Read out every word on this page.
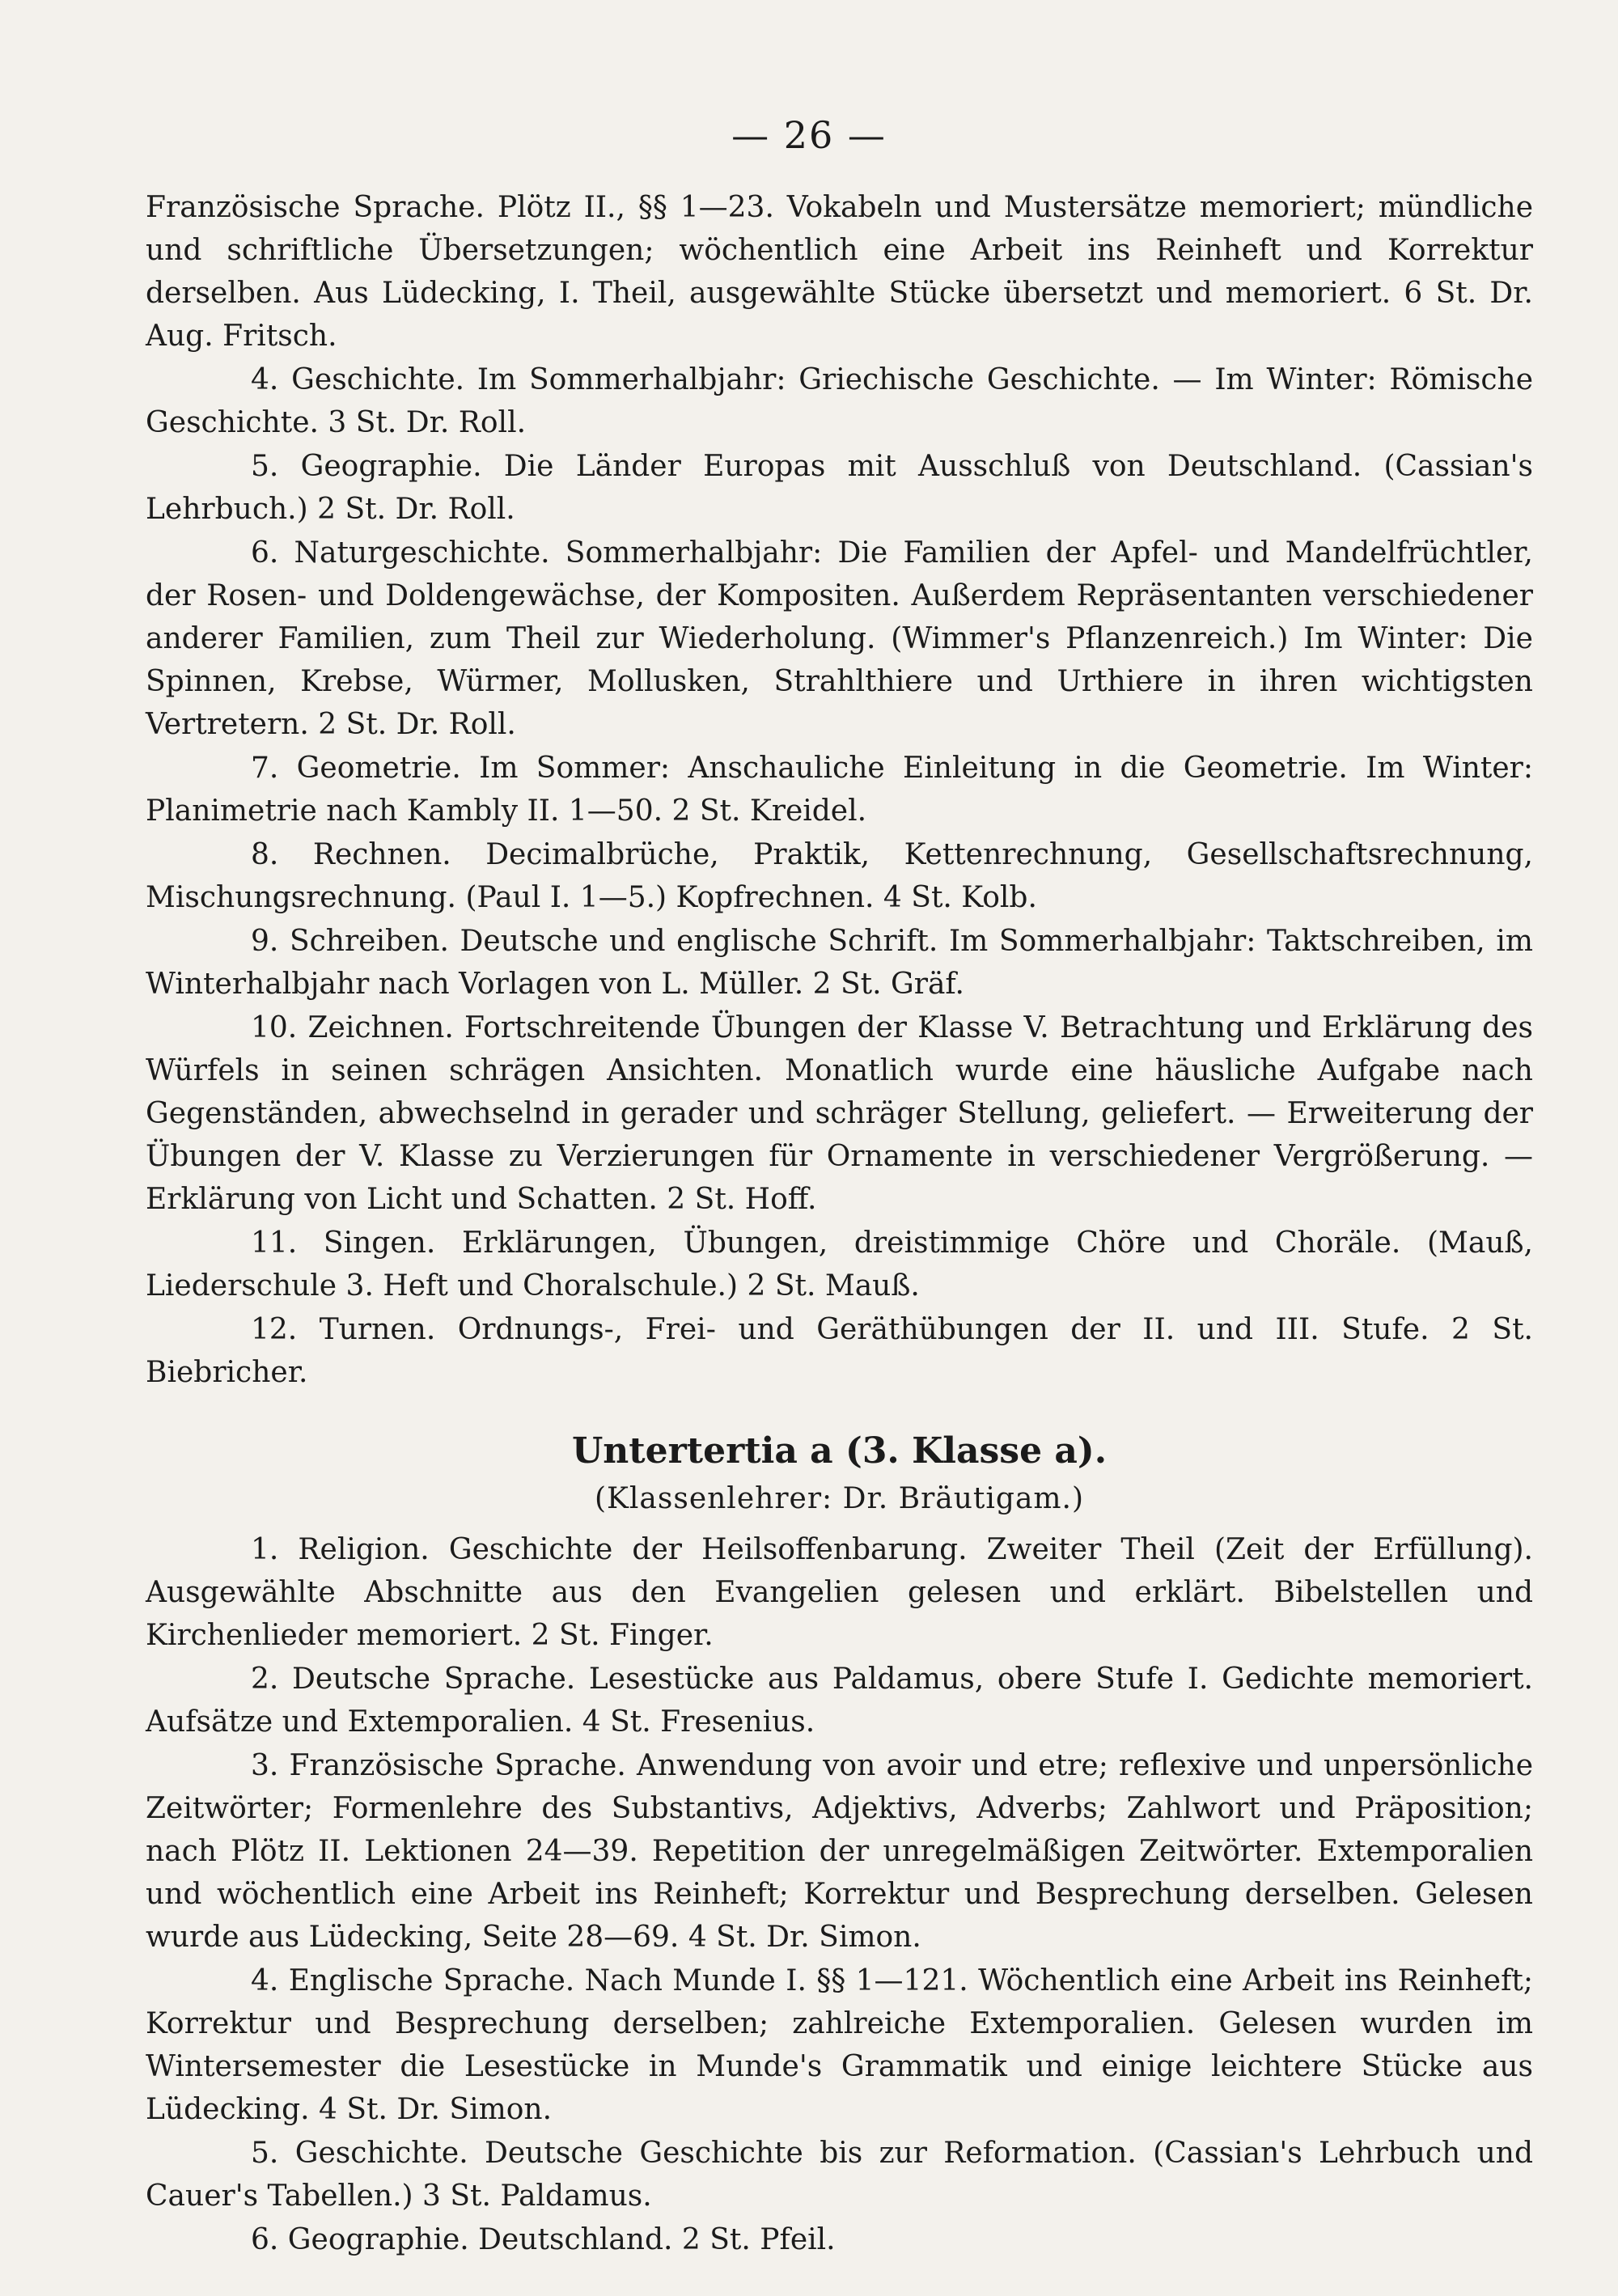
— 26 —

Französische Sprache. Plötz II., §§ 1—23. Vokabeln und Mustersätze memoriert; mündliche und schriftliche Übersetzungen; wöchentlich eine Arbeit ins Reinheft und Korrektur derselben. Aus Lüdecking, I. Theil, ausgewählte Stücke übersetzt und memoriert. 6 St. Dr. Aug. Fritsch.

4. Geschichte. Im Sommerhalbjahr: Griechische Geschichte. — Im Winter: Römische Geschichte. 3 St. Dr. Roll.

5. Geographie. Die Länder Europas mit Ausschluß von Deutschland. (Cassian's Lehrbuch.) 2 St. Dr. Roll.

6. Naturgeschichte. Sommerhalbjahr: Die Familien der Apfel- und Mandelfrüchtler, der Rosen- und Doldengewächse, der Kompositen. Außerdem Repräsentanten verschiedener anderer Familien, zum Theil zur Wiederholung. (Wimmer's Pflanzenreich.) Im Winter: Die Spinnen, Krebse, Würmer, Mollusken, Strahlthiere und Urthiere in ihren wichtigsten Vertretern. 2 St. Dr. Roll.

7. Geometrie. Im Sommer: Anschauliche Einleitung in die Geometrie. Im Winter: Planimetrie nach Kambly II. 1—50. 2 St. Kreidel.

8. Rechnen. Decimalbrüche, Praktik, Kettenrechnung, Gesellschaftsrechnung, Mischungsrechnung. (Paul I. 1—5.) Kopfrechnen. 4 St. Kolb.

9. Schreiben. Deutsche und englische Schrift. Im Sommerhalbjahr: Taktschreiben, im Winterhalbjahr nach Vorlagen von L. Müller. 2 St. Gräf.

10. Zeichnen. Fortschreitende Übungen der Klasse V. Betrachtung und Erklärung des Würfels in seinen schrägen Ansichten. Monatlich wurde eine häusliche Aufgabe nach Gegenständen, abwechselnd in gerader und schräger Stellung, geliefert. — Erweiterung der Übungen der V. Klasse zu Verzierungen für Ornamente in verschiedener Vergrößerung. — Erklärung von Licht und Schatten. 2 St. Hoff.

11. Singen. Erklärungen, Übungen, dreistimmige Chöre und Choräle. (Mauß, Liederschule 3. Heft und Choralschule.) 2 St. Mauß.

12. Turnen. Ordnungs-, Frei- und Geräthübungen der II. und III. Stufe. 2 St. Biebricher.

Untertertia a (3. Klasse a).
(Klassenlehrer: Dr. Bräutigam.)

1. Religion. Geschichte der Heilsoffenbarung. Zweiter Theil (Zeit der Erfüllung). Ausgewählte Abschnitte aus den Evangelien gelesen und erklärt. Bibelstellen und Kirchenlieder memoriert. 2 St. Finger.

2. Deutsche Sprache. Lesestücke aus Paldamus, obere Stufe I. Gedichte memoriert. Aufsätze und Extemporalien. 4 St. Fresenius.

3. Französische Sprache. Anwendung von avoir und etre; reflexive und unpersönliche Zeitwörter; Formenlehre des Substantivs, Adjektivs, Adverbs; Zahlwort und Präposition; nach Plötz II. Lektionen 24—39. Repetition der unregelmäßigen Zeitwörter. Extemporalien und wöchentlich eine Arbeit ins Reinheft; Korrektur und Besprechung derselben. Gelesen wurde aus Lüdecking, Seite 28—69. 4 St. Dr. Simon.

4. Englische Sprache. Nach Munde I. §§ 1—121. Wöchentlich eine Arbeit ins Reinheft; Korrektur und Besprechung derselben; zahlreiche Extemporalien. Gelesen wurden im Wintersemester die Lesestücke in Munde's Grammatik und einige leichtere Stücke aus Lüdecking. 4 St. Dr. Simon.

5. Geschichte. Deutsche Geschichte bis zur Reformation. (Cassian's Lehrbuch und Cauer's Tabellen.) 3 St. Paldamus.

6. Geographie. Deutschland. 2 St. Pfeil.
